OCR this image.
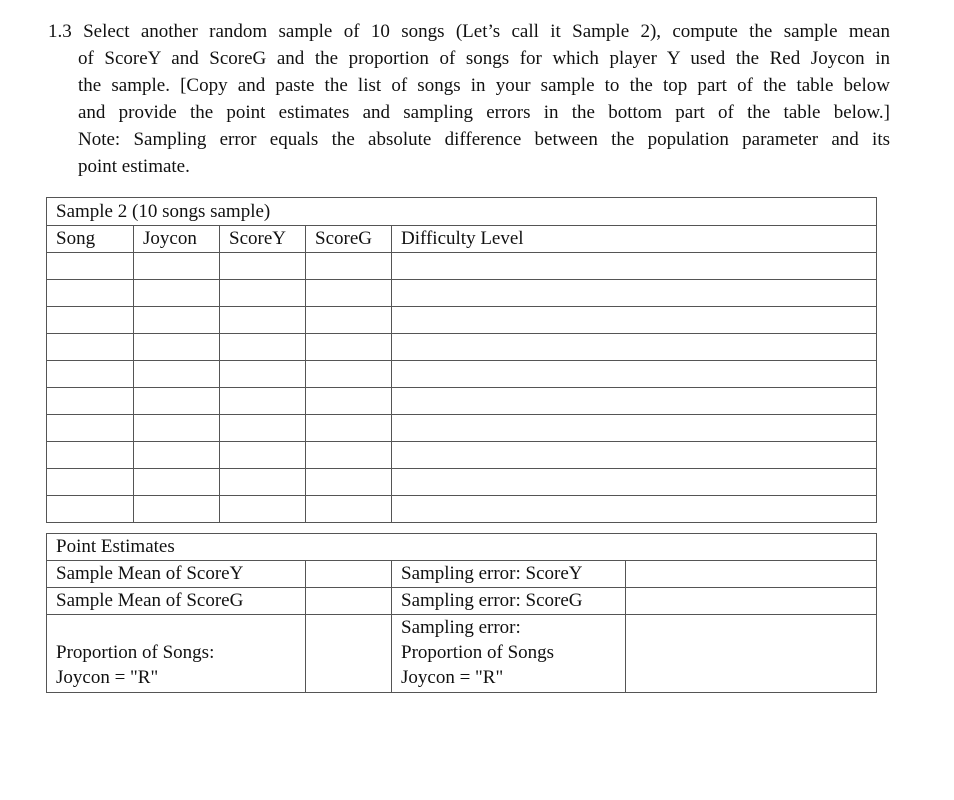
1.3 Select another random sample of 10 songs (Let’s call it Sample 2), compute the sample mean
of ScoreY and ScoreG and the proportion of songs for which player Y used the Red Joycon in
the sample. [Copy and paste the list of songs in your sample to the top part of the table below
and provide the point estimates and sampling errors in the bottom part of the table below.]
Note: Sampling error equals the absolute difference between the population parameter and its
point estimate.
Sample 2 (10 songs sample)				
Song	Joycon	ScoreY	ScoreG	Difficulty Level

Point Estimates			
Sample Mean of ScoreY		Sampling error: ScoreY	
Sample Mean of ScoreG		Sampling error: ScoreG	
Proportion of Songs:
Joycon = "R"		Sampling error:
Proportion of Songs
Joycon = "R"	
